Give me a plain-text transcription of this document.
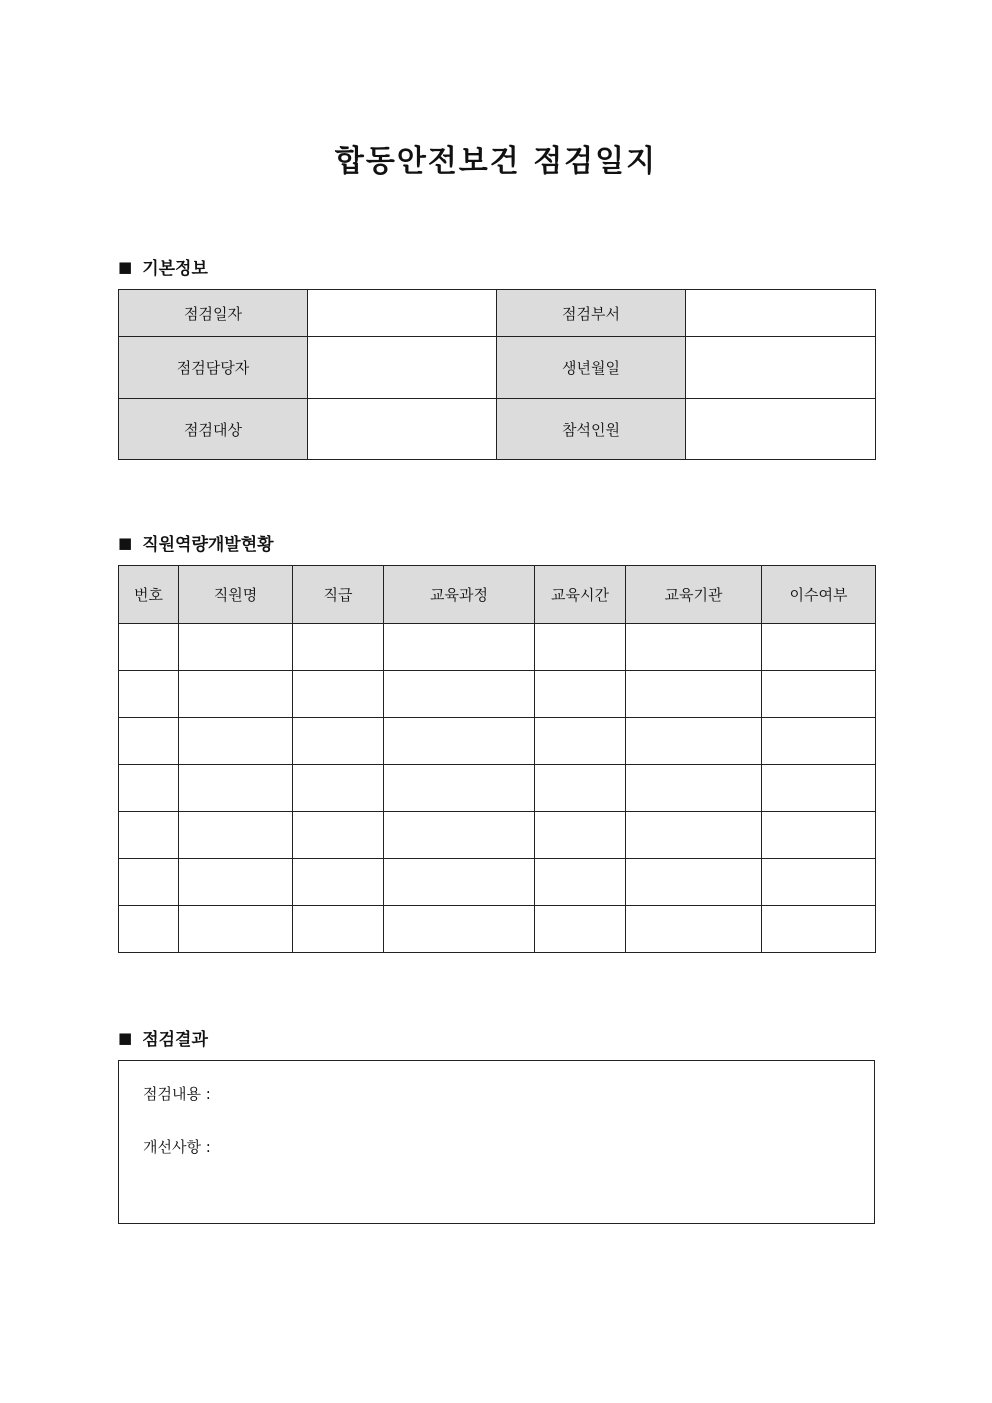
합동안전보건 점검일지
■ 기본정보
점검일자		점검부서	
점검담당자		생년월일	
점검대상		참석인원	
■ 직원역량개발현황
번호	직원명	직급	교육과정	교육시간	교육기관	이수여부

■ 점검결과
점검내용 :
개선사항 :
